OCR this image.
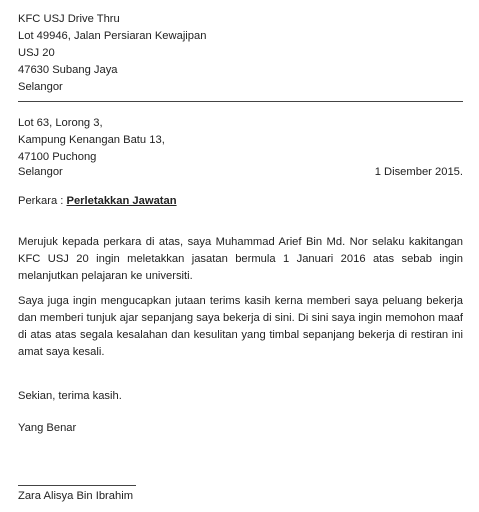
KFC USJ Drive Thru
Lot 49946, Jalan Persiaran Kewajipan
USJ 20
47630 Subang Jaya
Selangor
Lot 63, Lorong 3,
Kampung Kenangan Batu 13,
47100 Puchong
Selangor	1 Disember 2015.
Perkara : Perletakkan Jawatan
Merujuk kepada perkara di atas, saya Muhammad Arief Bin Md. Nor selaku kakitangan
KFC USJ 20 ingin meletakkan jasatan bermula 1 Januari 2016 atas sebab ingin
melanjutkan pelajaran ke universiti.
Saya juga ingin mengucapkan jutaan terims kasih kerna memberi saya peluang bekerja
dan memberi tunjuk ajar sepanjang saya bekerja di sini. Di sini saya ingin memohon maaf
di atas atas segala kesalahan dan kesulitan yang timbal sepanjang bekerja di restiran ini
amat saya kesali.
Sekian, terima kasih.
Yang Benar
Zara Alisya Bin Ibrahim
